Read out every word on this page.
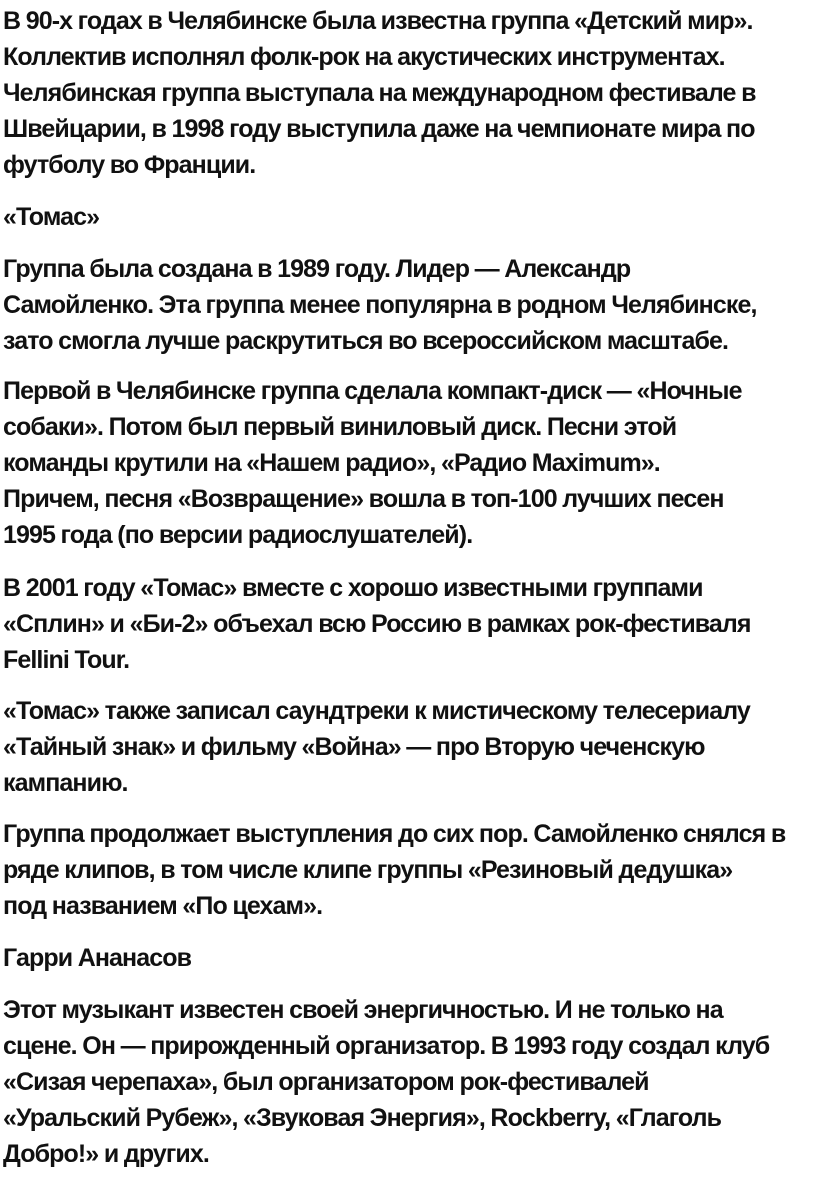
В 90-х годах в Челябинске была известна группа «Детский мир».
Коллектив исполнял фолк-рок на акустических инструментах.
Челябинская группа выступала на международном фестивале в
Швейцарии, в 1998 году выступила даже на чемпионате мира по
футболу во Франции.

«Томас»

Группа была создана в 1989 году. Лидер — Александр
Самойленко. Эта группа менее популярна в родном Челябинске,
зато смогла лучше раскрутиться во всероссийском масштабе.

Первой в Челябинске группа сделала компакт-диск — «Ночные
собаки». Потом был первый виниловый диск. Песни этой
команды крутили на «Нашем радио», «Радио Maximum».
Причем, песня «Возвращение» вошла в топ-100 лучших песен
1995 года (по версии радиослушателей).

В 2001 году «Томас» вместе с хорошо известными группами
«Сплин» и «Би-2» объехал всю Россию в рамках рок-фестиваля
Fellini Tour.

«Томас» также записал саундтреки к мистическому телесериалу
«Тайный знак» и фильму «Война» — про Вторую чеченскую
кампанию.

Группа продолжает выступления до сих пор. Самойленко снялся в
ряде клипов, в том числе клипе группы «Резиновый дедушка»
под названием «По цехам».

Гарри Ананасов

Этот музыкант известен своей энергичностью. И не только на
сцене. Он — прирожденный организатор. В 1993 году создал клуб
«Сизая черепаха», был организатором рок-фестивалей
«Уральский Рубеж», «Звуковая Энергия», Rockberry, «Глаголь
Добро!» и других.
